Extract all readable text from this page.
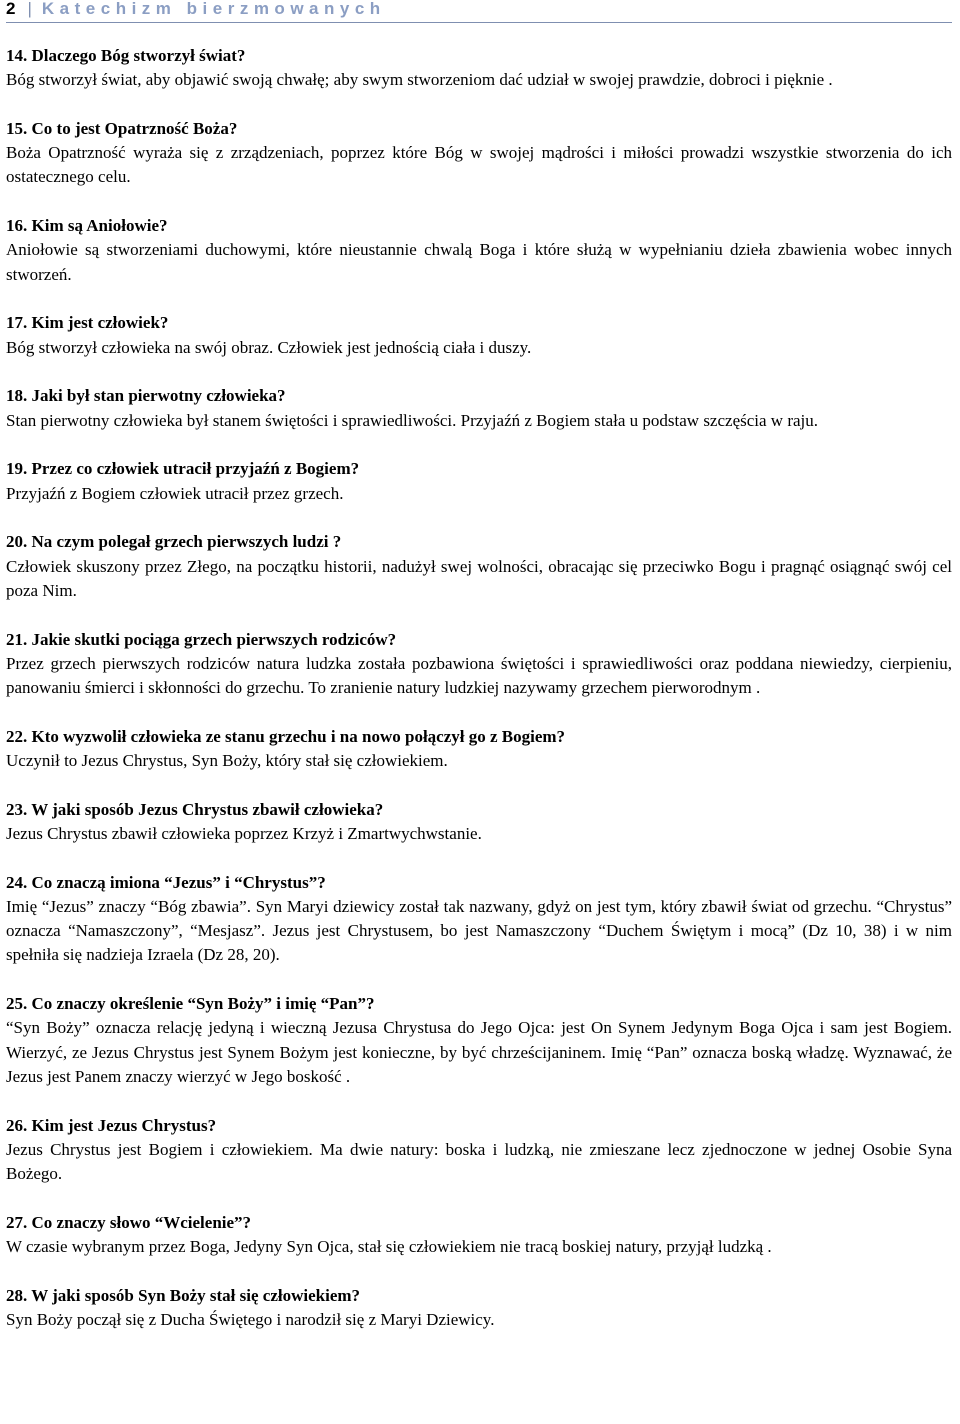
2 | Katechizm bierzmowanych
14. Dlaczego Bóg stworzył świat?
Bóg stworzył świat, aby objawić swoją chwałę; aby swym stworzeniom dać udział w swojej prawdzie, dobroci i pięknie .
15. Co to jest Opatrzność Boża?
Boża Opatrzność wyraża się z zrządzeniach, poprzez które Bóg w swojej mądrości i miłości prowadzi wszystkie stworzenia do ich ostatecznego celu.
16. Kim są Aniołowie?
Aniołowie są stworzeniami duchowymi, które nieustannie chwalą Boga i które służą w wypełnianiu dzieła zbawienia wobec innych stworzeń.
17. Kim jest człowiek?
Bóg stworzył człowieka na swój obraz. Człowiek jest jednością ciała i duszy.
18. Jaki był stan pierwotny człowieka?
Stan pierwotny człowieka był stanem świętości i sprawiedliwości. Przyjaźń z Bogiem stała u podstaw szczęścia w raju.
19. Przez co człowiek utracił przyjaźń z Bogiem?
Przyjaźń z Bogiem człowiek utracił przez grzech.
20. Na czym polegał grzech pierwszych ludzi ?
Człowiek skuszony przez Złego, na początku historii, nadużył swej wolności, obracając się przeciwko Bogu i pragnąć osiągnąć swój cel poza Nim.
21. Jakie skutki pociąga grzech pierwszych rodziców?
Przez grzech pierwszych rodziców natura ludzka została pozbawiona świętości i sprawiedliwości oraz poddana niewiedzy, cierpieniu, panowaniu śmierci i skłonności do grzechu. To zranienie natury ludzkiej nazywamy grzechem pierworodnym .
22. Kto wyzwolił człowieka ze stanu grzechu i na nowo połączył go z Bogiem?
Uczynił to Jezus Chrystus, Syn Boży, który stał się człowiekiem.
23. W jaki sposób Jezus Chrystus zbawił człowieka?
Jezus Chrystus zbawił człowieka poprzez Krzyż i Zmartwychwstanie.
24. Co znaczą imiona “Jezus” i “Chrystus”?
Imię “Jezus” znaczy “Bóg zbawia”. Syn Maryi dziewicy został tak nazwany, gdyż on jest tym, który zbawił świat od grzechu. “Chrystus” oznacza “Namaszczony”, “Mesjasz”. Jezus jest Chrystusem, bo jest Namaszczony “Duchem Świętym i mocą” (Dz 10, 38) i w nim spełniła się nadzieja Izraela (Dz 28, 20).
25. Co znaczy określenie “Syn Boży” i imię “Pan”?
“Syn Boży” oznacza relację jedyną i wieczną Jezusa Chrystusa do Jego Ojca: jest On Synem Jedynym Boga Ojca i sam jest Bogiem. Wierzyć, ze Jezus Chrystus jest Synem Bożym jest konieczne, by być chrześcijaninem. Imię “Pan” oznacza boską władzę. Wyznawać, że Jezus jest Panem znaczy wierzyć w Jego boskość .
26. Kim jest Jezus Chrystus?
Jezus Chrystus jest Bogiem i człowiekiem. Ma dwie natury: boska i ludzką, nie zmieszane lecz zjednoczone w jednej Osobie Syna Bożego.
27. Co znaczy słowo “Wcielenie”?
W czasie wybranym przez Boga, Jedyny Syn Ojca, stał się człowiekiem nie tracą boskiej natury, przyjął ludzką .
28. W jaki sposób Syn Boży stał się człowiekiem?
Syn Boży począł się z Ducha Świętego i narodził się z Maryi Dziewicy.
